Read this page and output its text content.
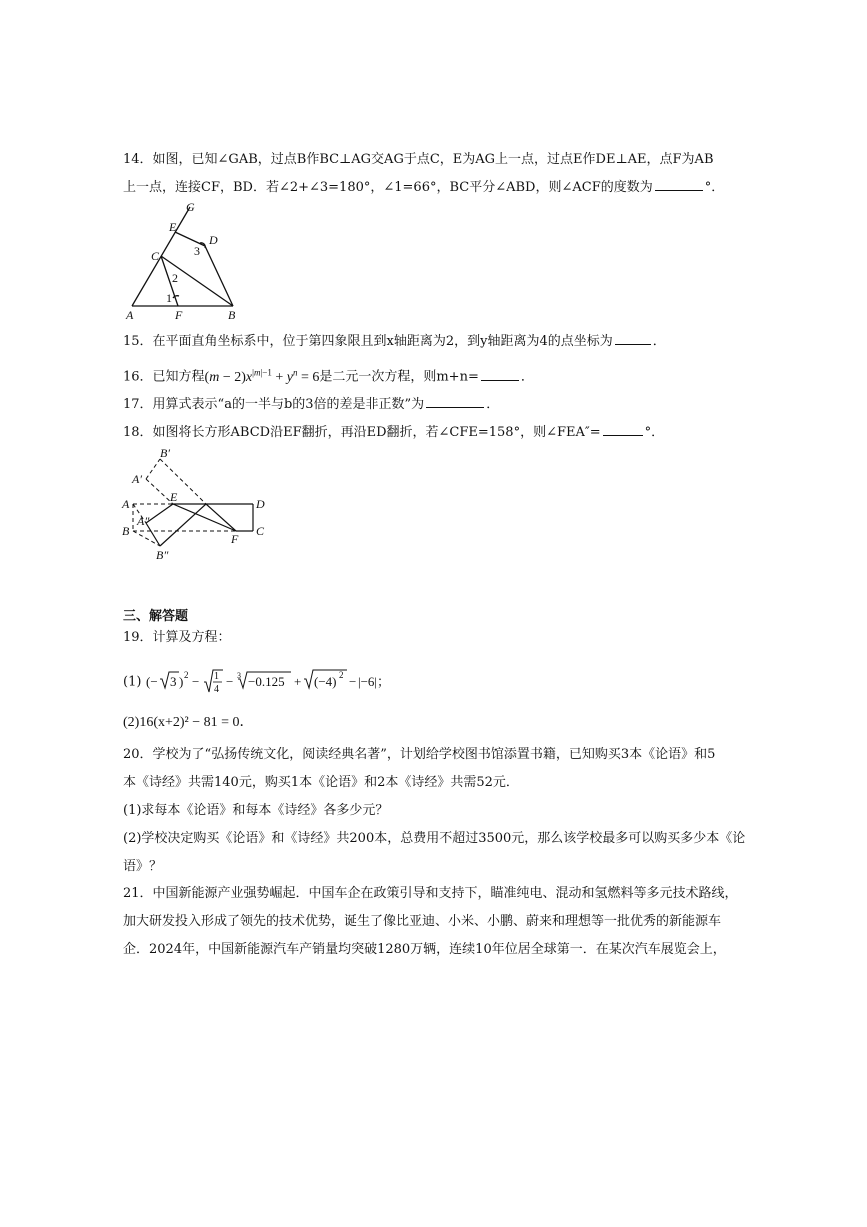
14．如图，已知∠GAB，过点B作BC⊥AG交AG于点C，E为AG上一点，过点E作DE⊥AE，点F为AB
上一点，连接CF，BD．若∠2+∠3=180°，∠1=66°，BC平分∠ABD，则∠ACF的度数为	°．
G
E
D
3
C
2
1
A	F	B
15．在平面直角坐标系中，位于第四象限且到x轴距离为2，到y轴距离为4的点坐标为	．
16．已知方程$(m - 2)x^{|m|-1} + y^n = 6$是二元一次方程，则m+n=	．
17．用算式表示“a的一半与b的3倍的差是非正数”为	．
18．如图将长方形ABCD沿EF翻折，再沿ED翻折，若∠CFE=158°，则∠FEA″=	°．
B′
A′
E	D
A
A″
B
F
C
B″
三、解答题
19．计算及方程：
(1) (− 3 ) 2 − 1
4
− 3 −0.125 + (−4) 2 − |−6|；
(2)16(x+2)² − 81 = 0．
20．学校为了“弘扬传统文化，阅读经典名著”，计划给学校图书馆添置书籍，已知购买3本《论语》和5
本《诗经》共需140元，购买1本《论语》和2本《诗经》共需52元．
(1)求每本《论语》和每本《诗经》各多少元？
(2)学校决定购买《论语》和《诗经》共200本，总费用不超过3500元，那么该学校最多可以购买多少本《论
语》？
21．中国新能源产业强势崛起．中国车企在政策引导和支持下，瞄准纯电、混动和氢燃料等多元技术路线，
加大研发投入形成了领先的技术优势，诞生了像比亚迪、小米、小鹏、蔚来和理想等一批优秀的新能源车
企．2024年，中国新能源汽车产销量均突破1280万辆，连续10年位居全球第一．在某次汽车展览会上，
